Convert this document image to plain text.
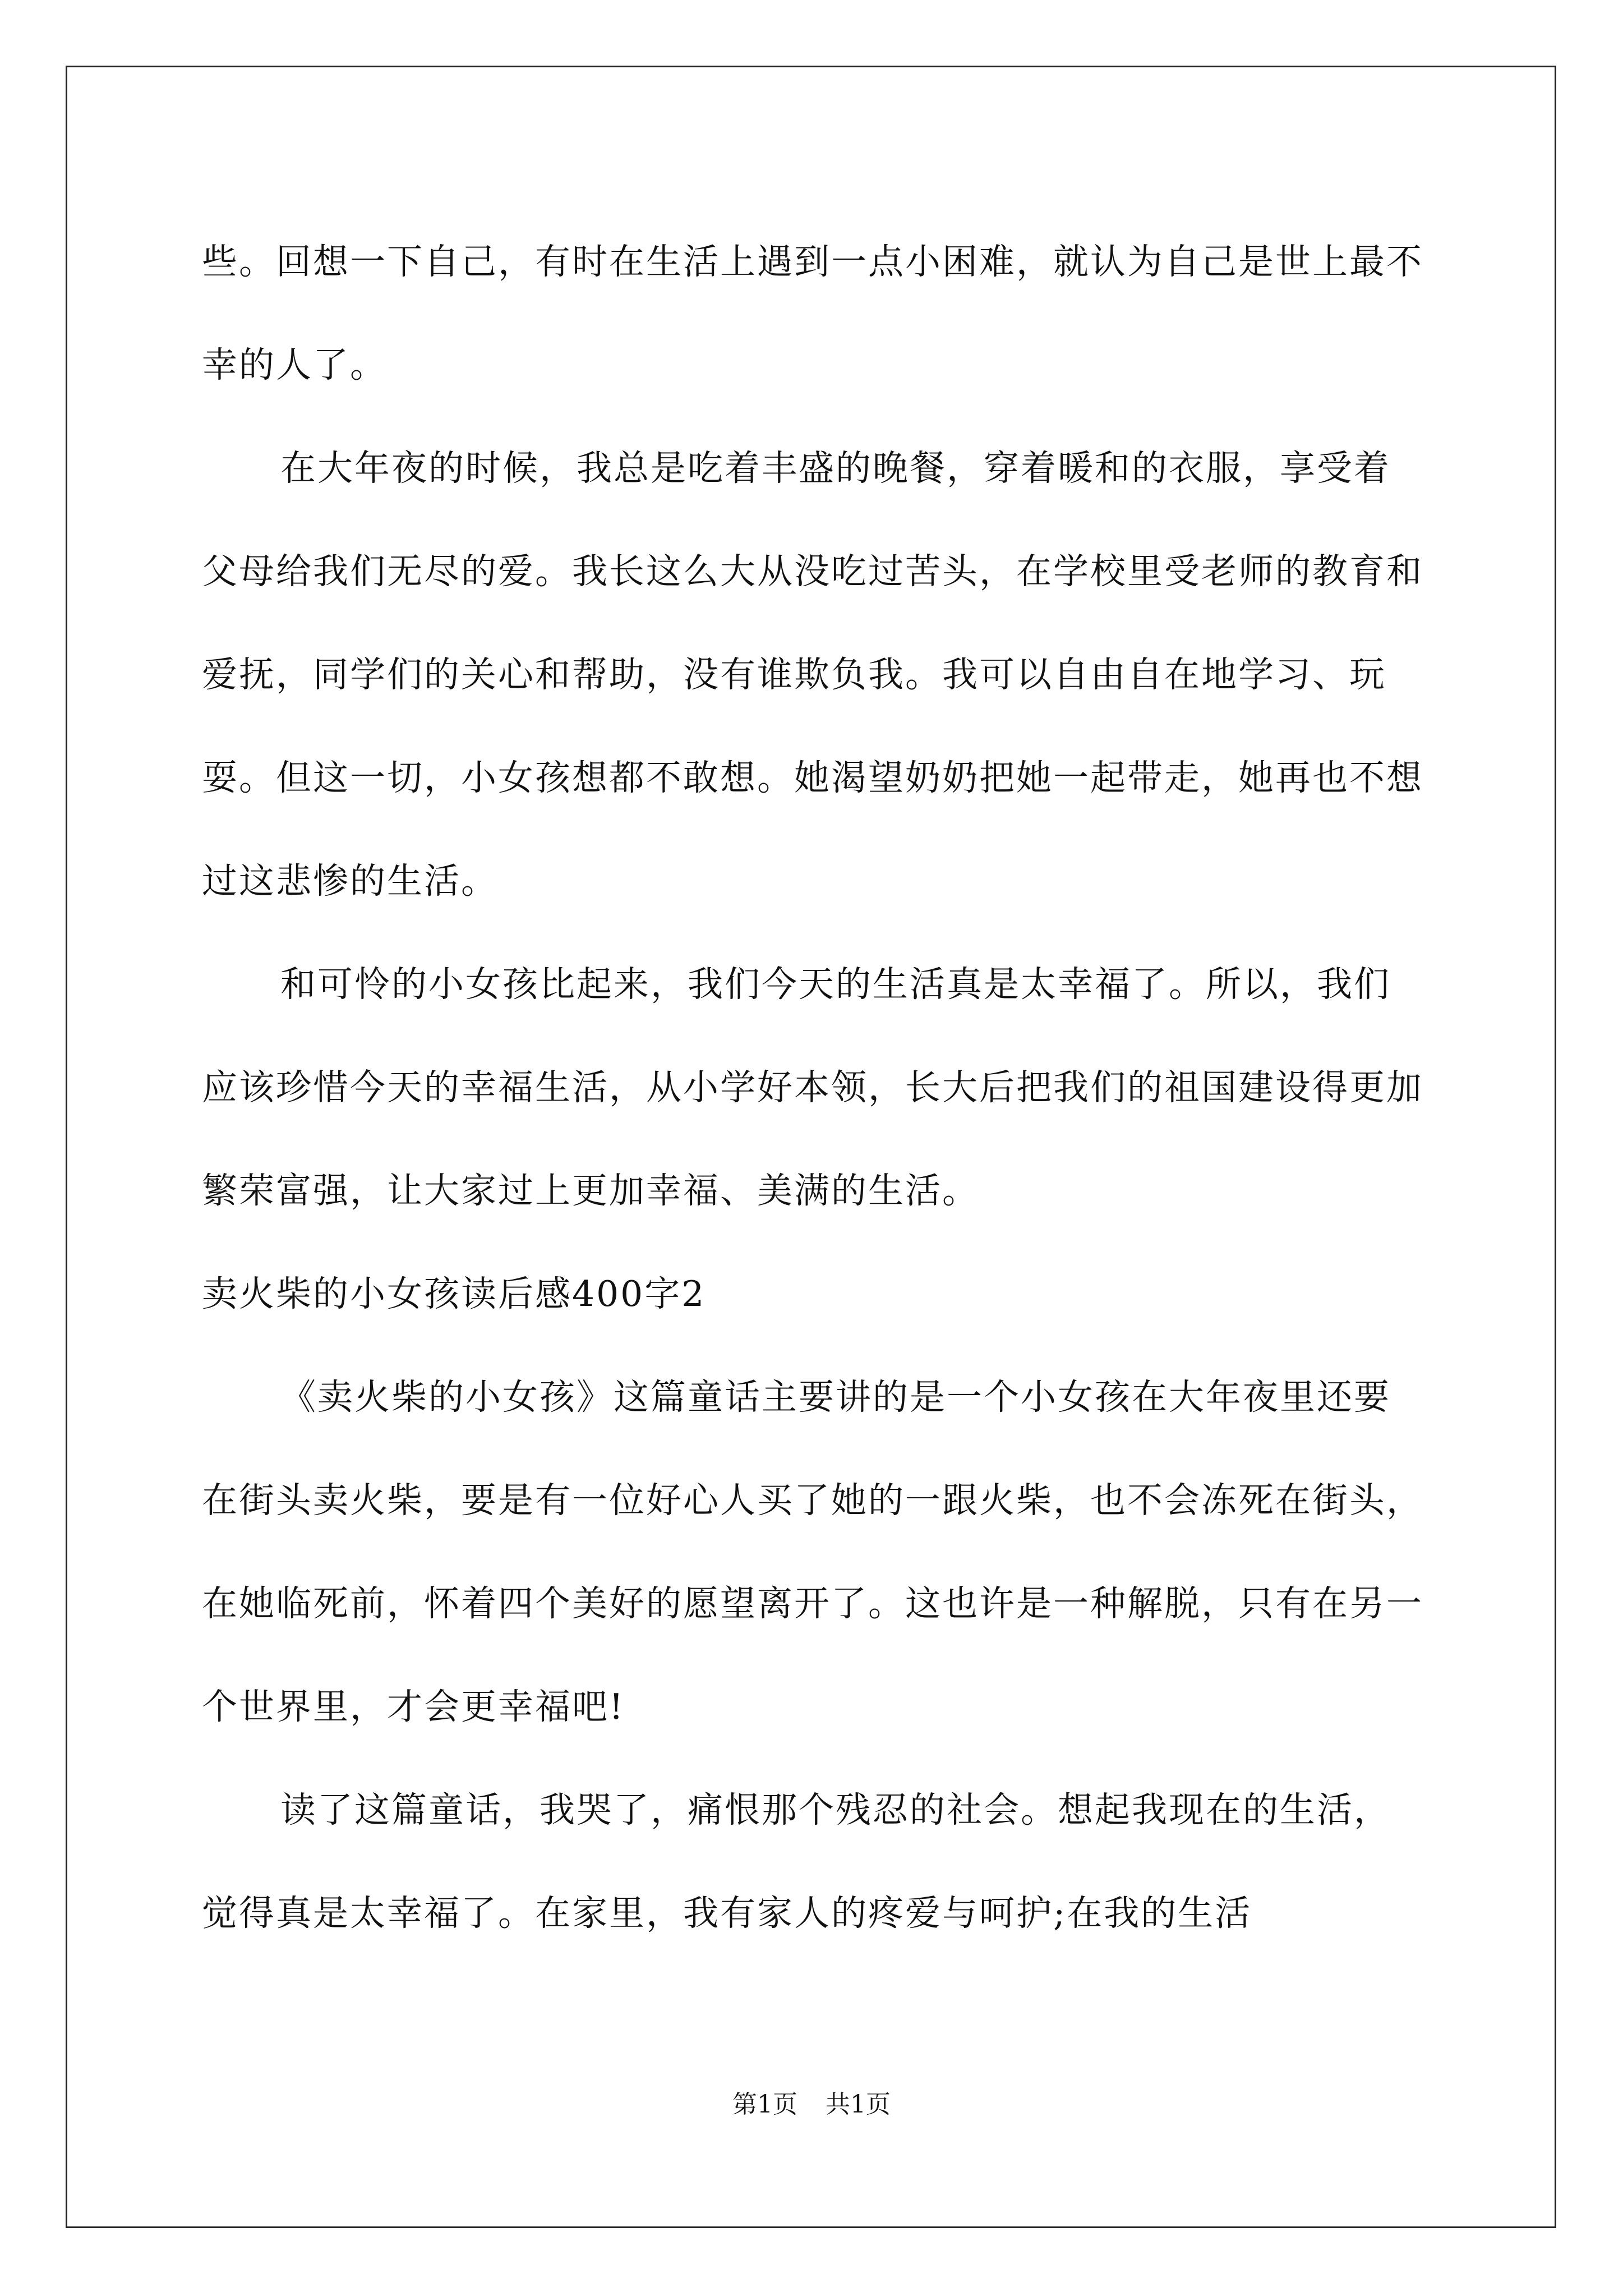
些。回想一下自己，有时在生活上遇到一点小困难，就认为自己是世上最不幸的人了。

在大年夜的时候，我总是吃着丰盛的晚餐，穿着暖和的衣服，享受着父母给我们无尽的爱。我长这么大从没吃过苦头，在学校里受老师的教育和爱抚，同学们的关心和帮助，没有谁欺负我。我可以自由自在地学习、玩耍。但这一切，小女孩想都不敢想。她渴望奶奶把她一起带走，她再也不想过这悲惨的生活。

和可怜的小女孩比起来，我们今天的生活真是太幸福了。所以，我们应该珍惜今天的幸福生活，从小学好本领，长大后把我们的祖国建设得更加繁荣富强，让大家过上更加幸福、美满的生活。

卖火柴的小女孩读后感400字2

《卖火柴的小女孩》这篇童话主要讲的是一个小女孩在大年夜里还要在街头卖火柴，要是有一位好心人买了她的一跟火柴，也不会冻死在街头，在她临死前，怀着四个美好的愿望离开了。这也许是一种解脱，只有在另一个世界里，才会更幸福吧!

读了这篇童话，我哭了，痛恨那个残忍的社会。想起我现在的生活，觉得真是太幸福了。在家里，我有家人的疼爱与呵护;在我的生活

第1页 共1页
